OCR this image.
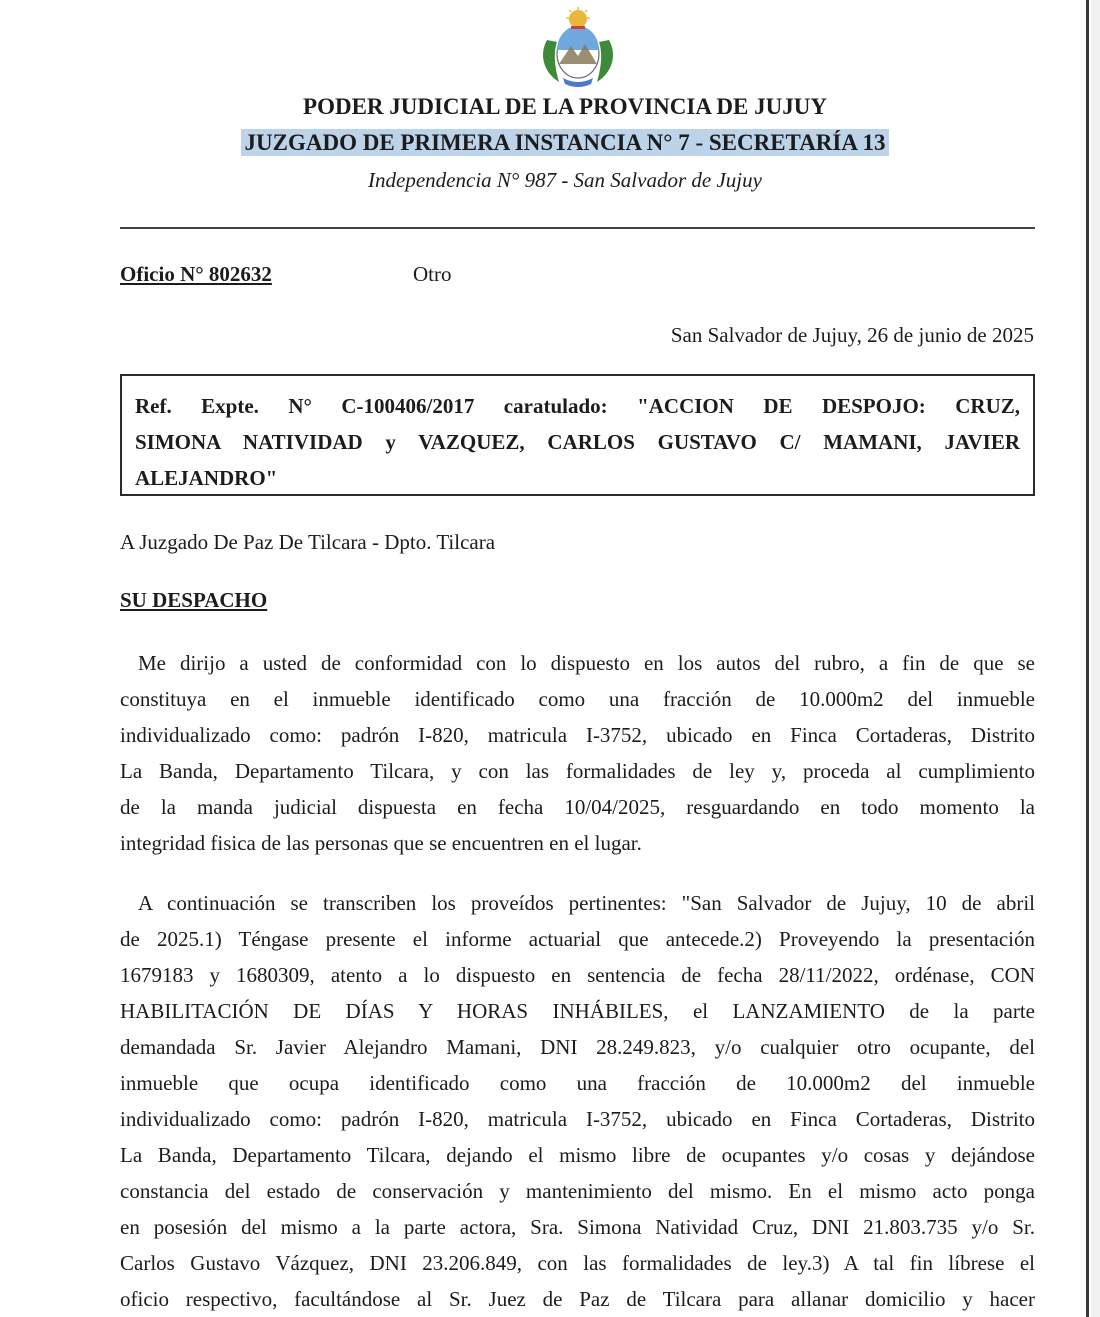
PODER JUDICIAL DE LA PROVINCIA DE JUJUY
JUZGADO DE PRIMERA INSTANCIA N° 7 - SECRETARÍA 13
Independencia N° 987 - San Salvador de Jujuy
Oficio N° 802632	Otro
San Salvador de Jujuy, 26 de junio de 2025
Ref. Expte. N° C-100406/2017 caratulado: "ACCION DE DESPOJO: CRUZ,
SIMONA NATIVIDAD y VAZQUEZ, CARLOS GUSTAVO C/ MAMANI, JAVIER
ALEJANDRO"
A Juzgado De Paz De Tilcara - Dpto. Tilcara
SU DESPACHO
Me dirijo a usted de conformidad con lo dispuesto en los autos del rubro, a fin de que se
constituya en el inmueble identificado como una fracción de 10.000m2 del inmueble
individualizado como: padrón I-820, matricula I-3752, ubicado en Finca Cortaderas, Distrito
La Banda, Departamento Tilcara, y con las formalidades de ley y, proceda al cumplimiento
de la manda judicial dispuesta en fecha 10/04/2025, resguardando en todo momento la
integridad fisica de las personas que se encuentren en el lugar.
A continuación se transcriben los proveídos pertinentes: "San Salvador de Jujuy, 10 de abril
de 2025.1) Téngase presente el informe actuarial que antecede.2) Proveyendo la presentación
1679183 y 1680309, atento a lo dispuesto en sentencia de fecha 28/11/2022, ordénase, CON
HABILITACIÓN DE DÍAS Y HORAS INHÁBILES, el LANZAMIENTO de la parte
demandada Sr. Javier Alejandro Mamani, DNI 28.249.823, y/o cualquier otro ocupante, del
inmueble que ocupa identificado como una fracción de 10.000m2 del inmueble
individualizado como: padrón I-820, matricula I-3752, ubicado en Finca Cortaderas, Distrito
La Banda, Departamento Tilcara, dejando el mismo libre de ocupantes y/o cosas y dejándose
constancia del estado de conservación y mantenimiento del mismo. En el mismo acto ponga
en posesión del mismo a la parte actora, Sra. Simona Natividad Cruz, DNI 21.803.735 y/o Sr.
Carlos Gustavo Vázquez, DNI 23.206.849, con las formalidades de ley.3) A tal fin líbrese el
oficio respectivo, facultándose al Sr. Juez de Paz de Tilcara para allanar domicilio y hacer
